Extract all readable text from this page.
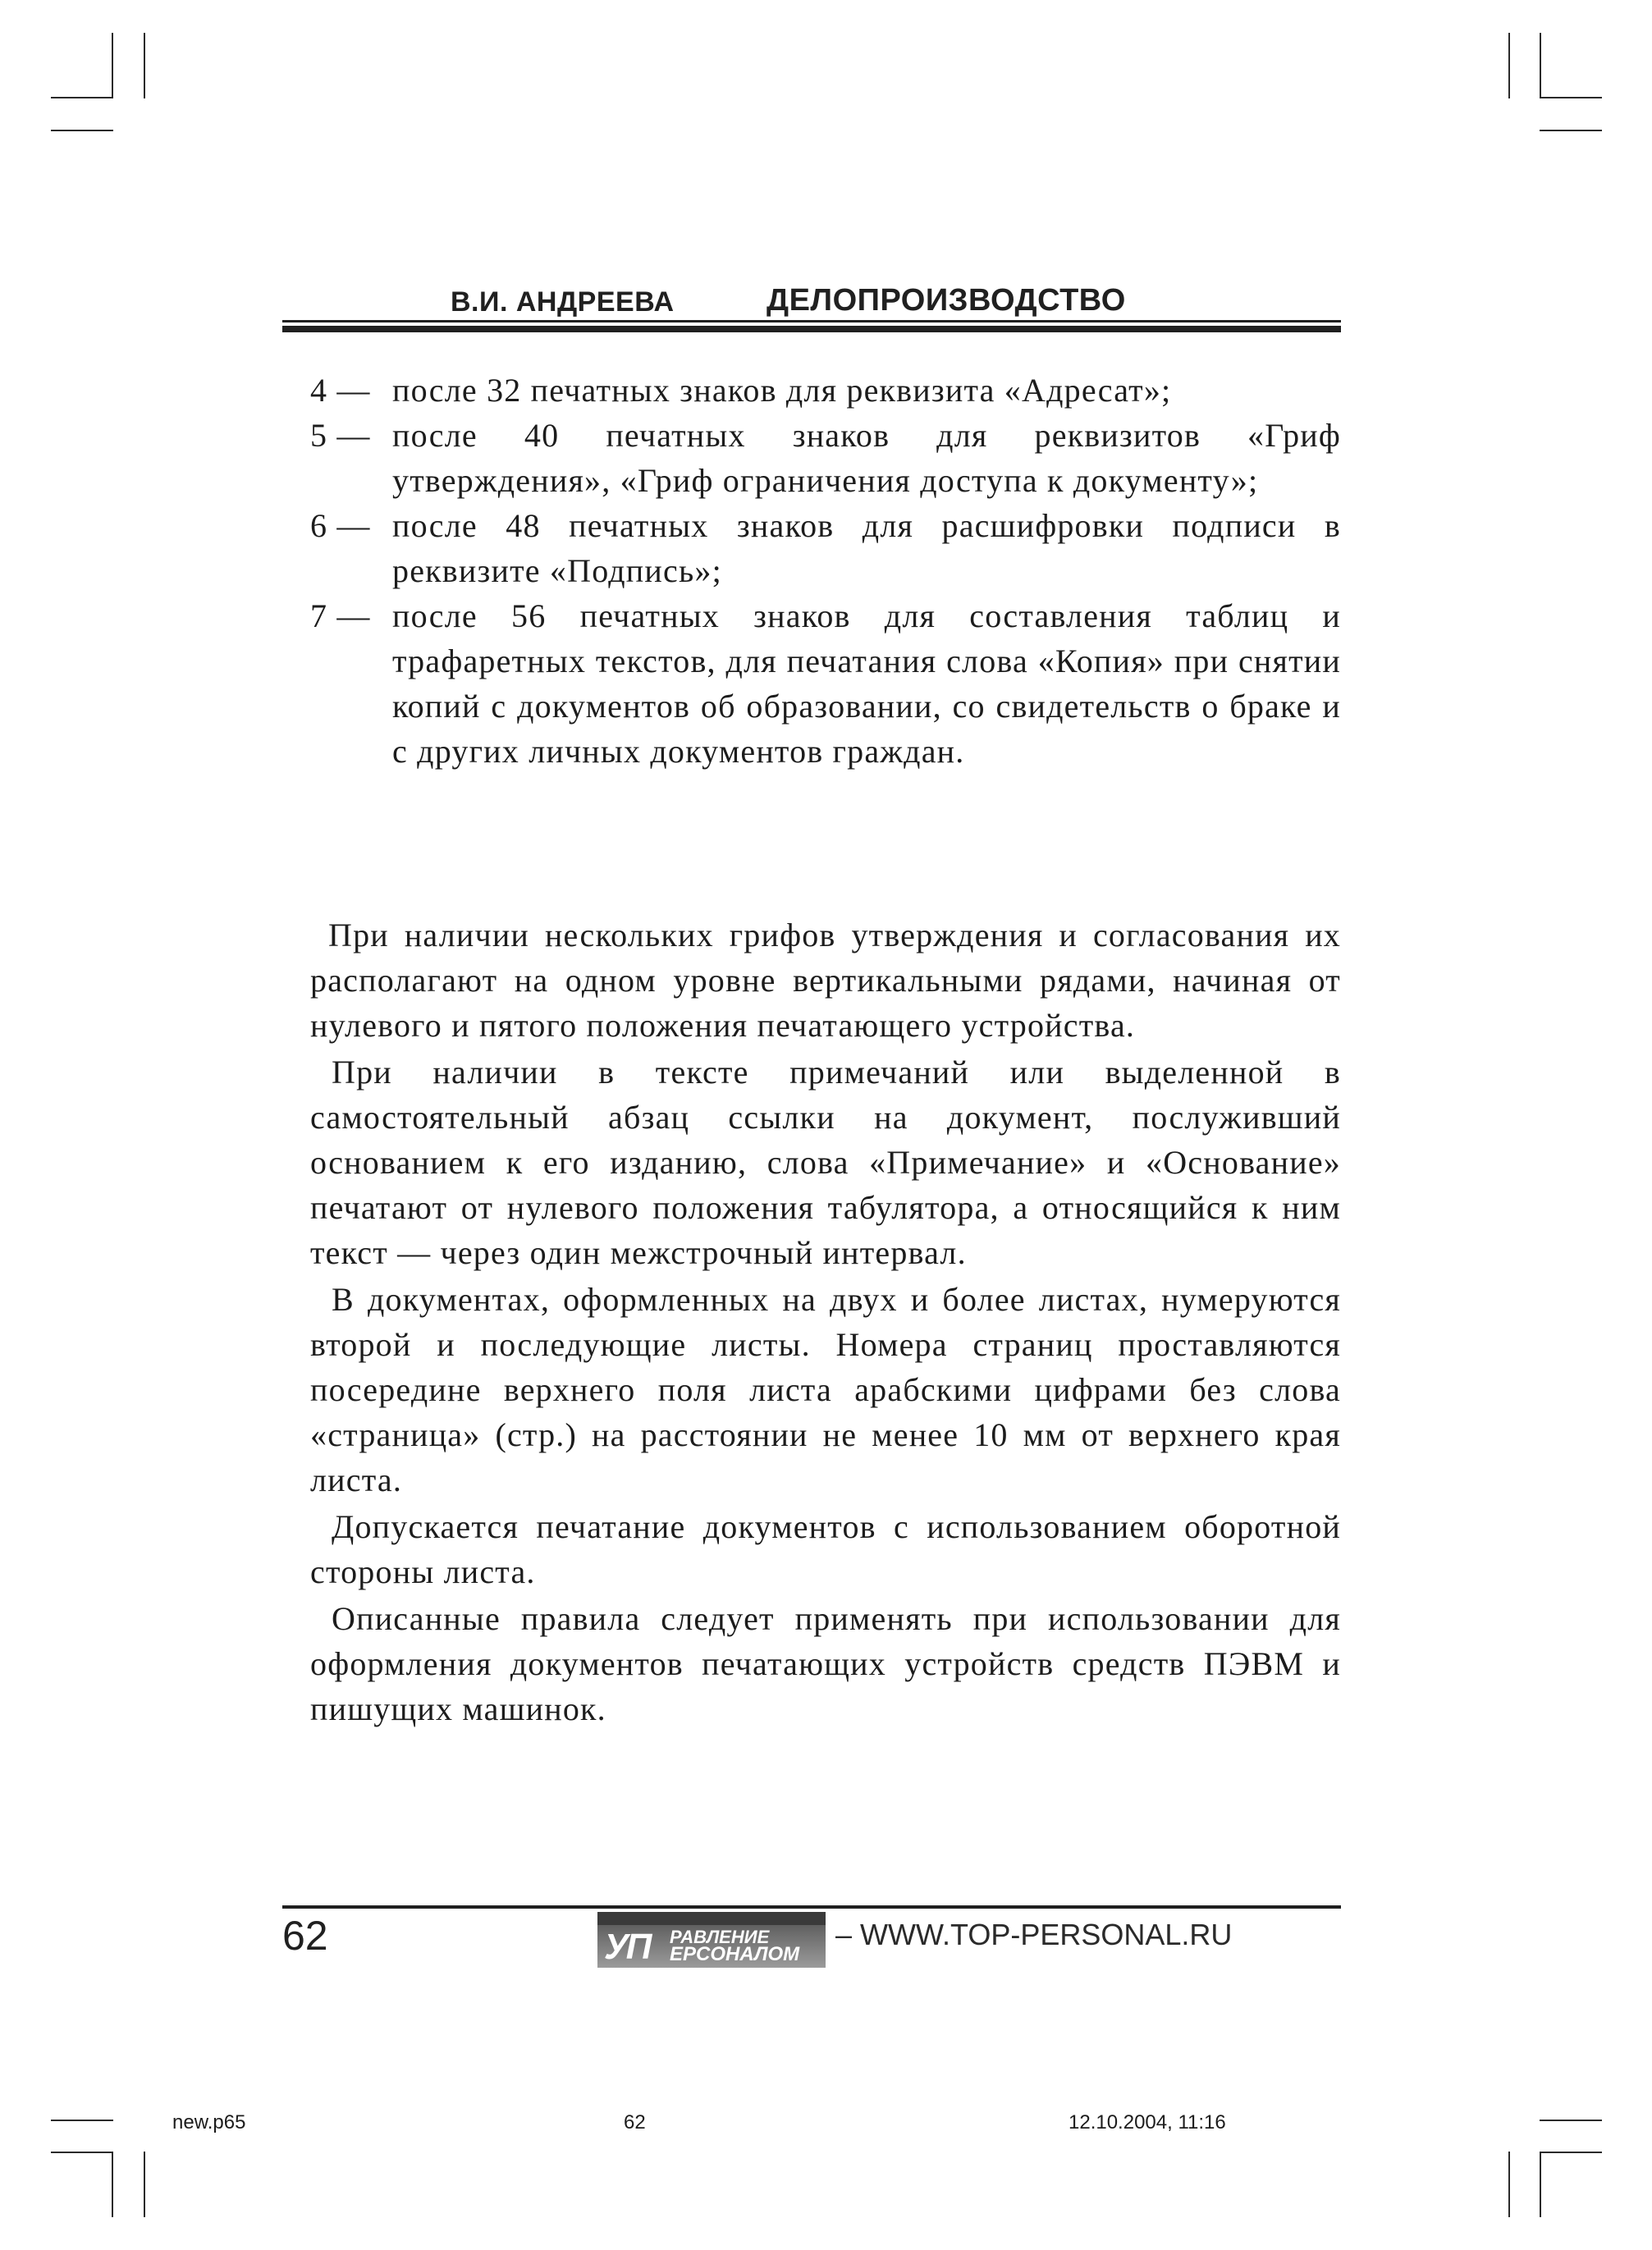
В.И. АНДРЕЕВА	ДЕЛОПРОИЗВОДСТВО
4 — после 32 печатных знаков для реквизита «Адресат»;
5 — после 40 печатных знаков для реквизитов «Гриф утверждения», «Гриф ограничения доступа к документу»;
6 — после 48 печатных знаков для расшифровки подписи в реквизите «Подпись»;
7 — после 56 печатных знаков для составления таблиц и трафаретных текстов, для печатания слова «Копия» при снятии копий с документов об образовании, со свидетельств о браке и с других личных документов граждан.

При наличии нескольких грифов утверждения и согласования их располагают на одном уровне вертикальными рядами, начиная от нулевого и пятого положения печатающего устройства.

При наличии в тексте примечаний или выделенной в самостоятельный абзац ссылки на документ, послуживший основанием к его изданию, слова «Примечание» и «Основание» печатают от нулевого положения табулятора, а относящийся к ним текст — через один межстрочный интервал.

В документах, оформленных на двух и более листах, нумеруются второй и последующие листы. Номера страниц проставляются посередине верхнего поля листа арабскими цифрами без слова «страница» (стр.) на расстоянии не менее 10 мм от верхнего края листа.

Допускается печатание документов с использованием оборотной стороны листа.

Описанные правила следует применять при использовании для оформления документов печатающих устройств средств ПЭВМ и пишущих машинок.

62	УП РАВЛЕНИЕ
ЕРСОНАЛОМ
– WWW.TOP-PERSONAL.RU
new.p65	62	12.10.2004, 11:16
